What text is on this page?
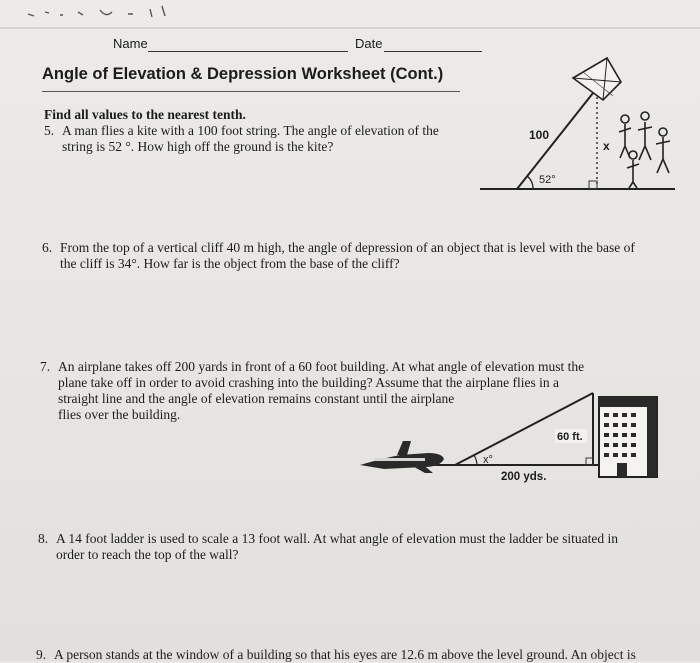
Name	Date
Angle of Elevation & Depression Worksheet (Cont.)
Find all values to the nearest tenth.
5. A man flies a kite with a 100 foot string. The angle of elevation of the
string is 52 °. How high off the ground is the kite?
100
x
52°
6. From the top of a vertical cliff 40 m high, the angle of depression of an object that is level with the base of
the cliff is 34°. How far is the object from the base of the cliff?
7. An airplane takes off 200 yards in front of a 60 foot building. At what angle of elevation must the
plane take off in order to avoid crashing into the building? Assume that the airplane flies in a
straight line and the angle of elevation remains constant until the airplane
flies over the building.
x°
60 ft.
200 yds.
8. A 14 foot ladder is used to scale a 13 foot wall. At what angle of elevation must the ladder be situated in
order to reach the top of the wall?
9. A person stands at the window of a building so that his eyes are 12.6 m above the level ground. An object is
